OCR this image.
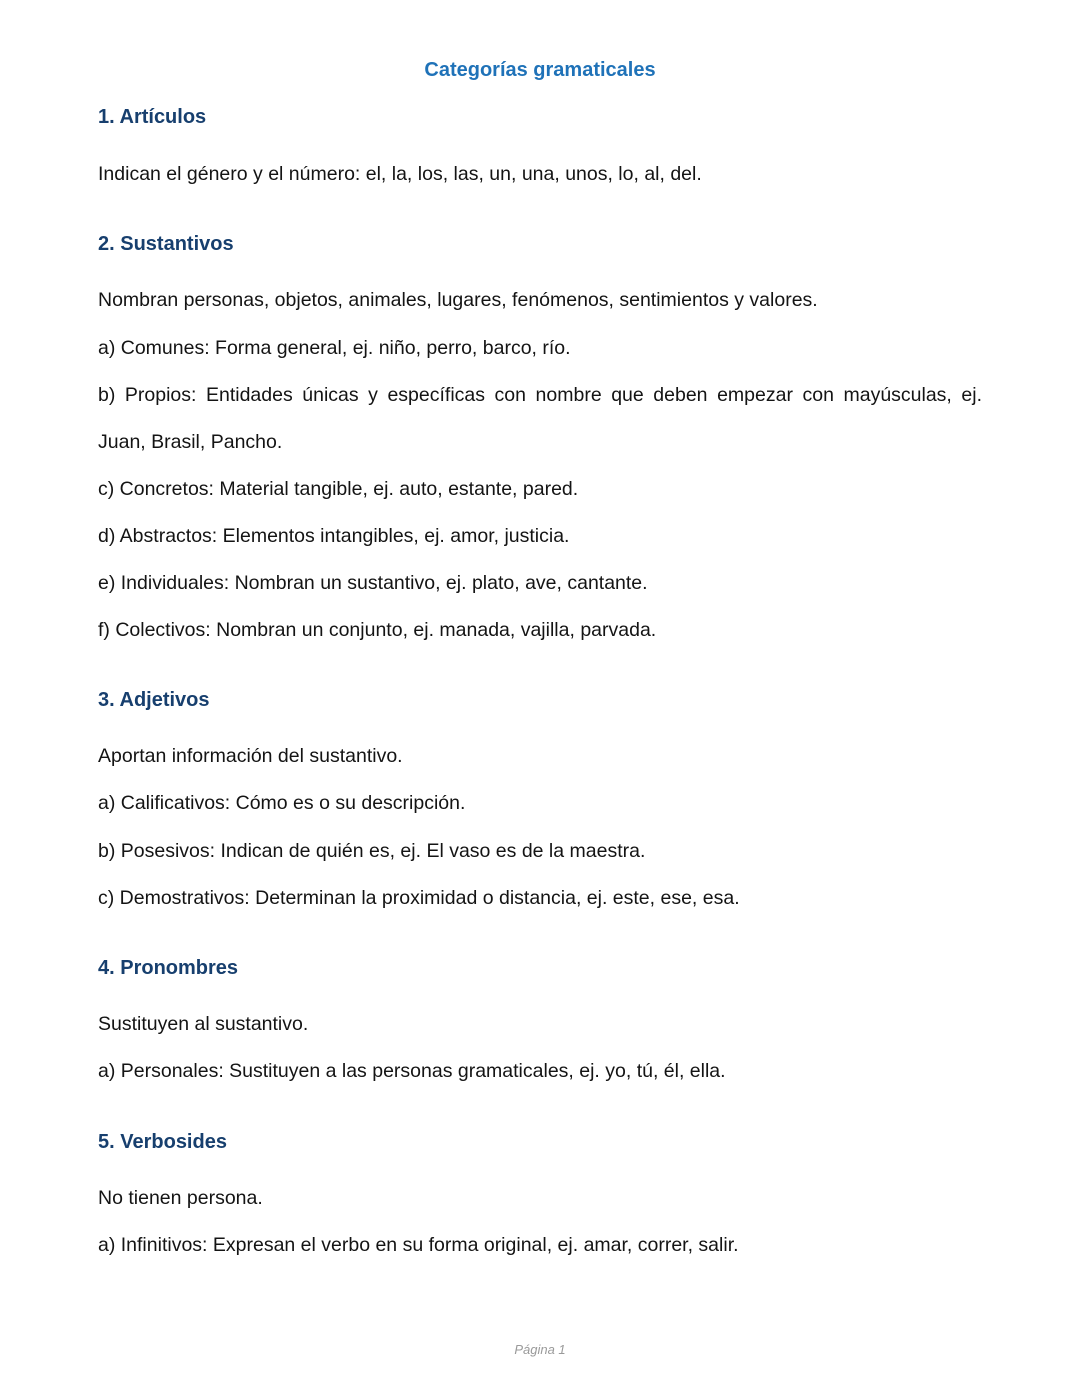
Categorías gramaticales
1. Artículos
Indican el género y el número: el, la, los, las, un, una, unos, lo, al, del.
2. Sustantivos
Nombran personas, objetos, animales, lugares, fenómenos, sentimientos y valores.
a) Comunes: Forma general, ej. niño, perro, barco, río.
b) Propios: Entidades únicas y específicas con nombre que deben empezar con mayúsculas, ej.
Juan, Brasil, Pancho.
c) Concretos: Material tangible, ej. auto, estante, pared.
d) Abstractos: Elementos intangibles, ej. amor, justicia.
e) Individuales: Nombran un sustantivo, ej. plato, ave, cantante.
f) Colectivos: Nombran un conjunto, ej. manada, vajilla, parvada.
3. Adjetivos
Aportan información del sustantivo.
a) Calificativos: Cómo es o su descripción.
b) Posesivos: Indican de quién es, ej. El vaso es de la maestra.
c) Demostrativos: Determinan la proximidad o distancia, ej. este, ese, esa.
4. Pronombres
Sustituyen al sustantivo.
a) Personales: Sustituyen a las personas gramaticales, ej. yo, tú, él, ella.
5. Verbosides
No tienen persona.
a) Infinitivos: Expresan el verbo en su forma original, ej. amar, correr, salir.
Página 1
